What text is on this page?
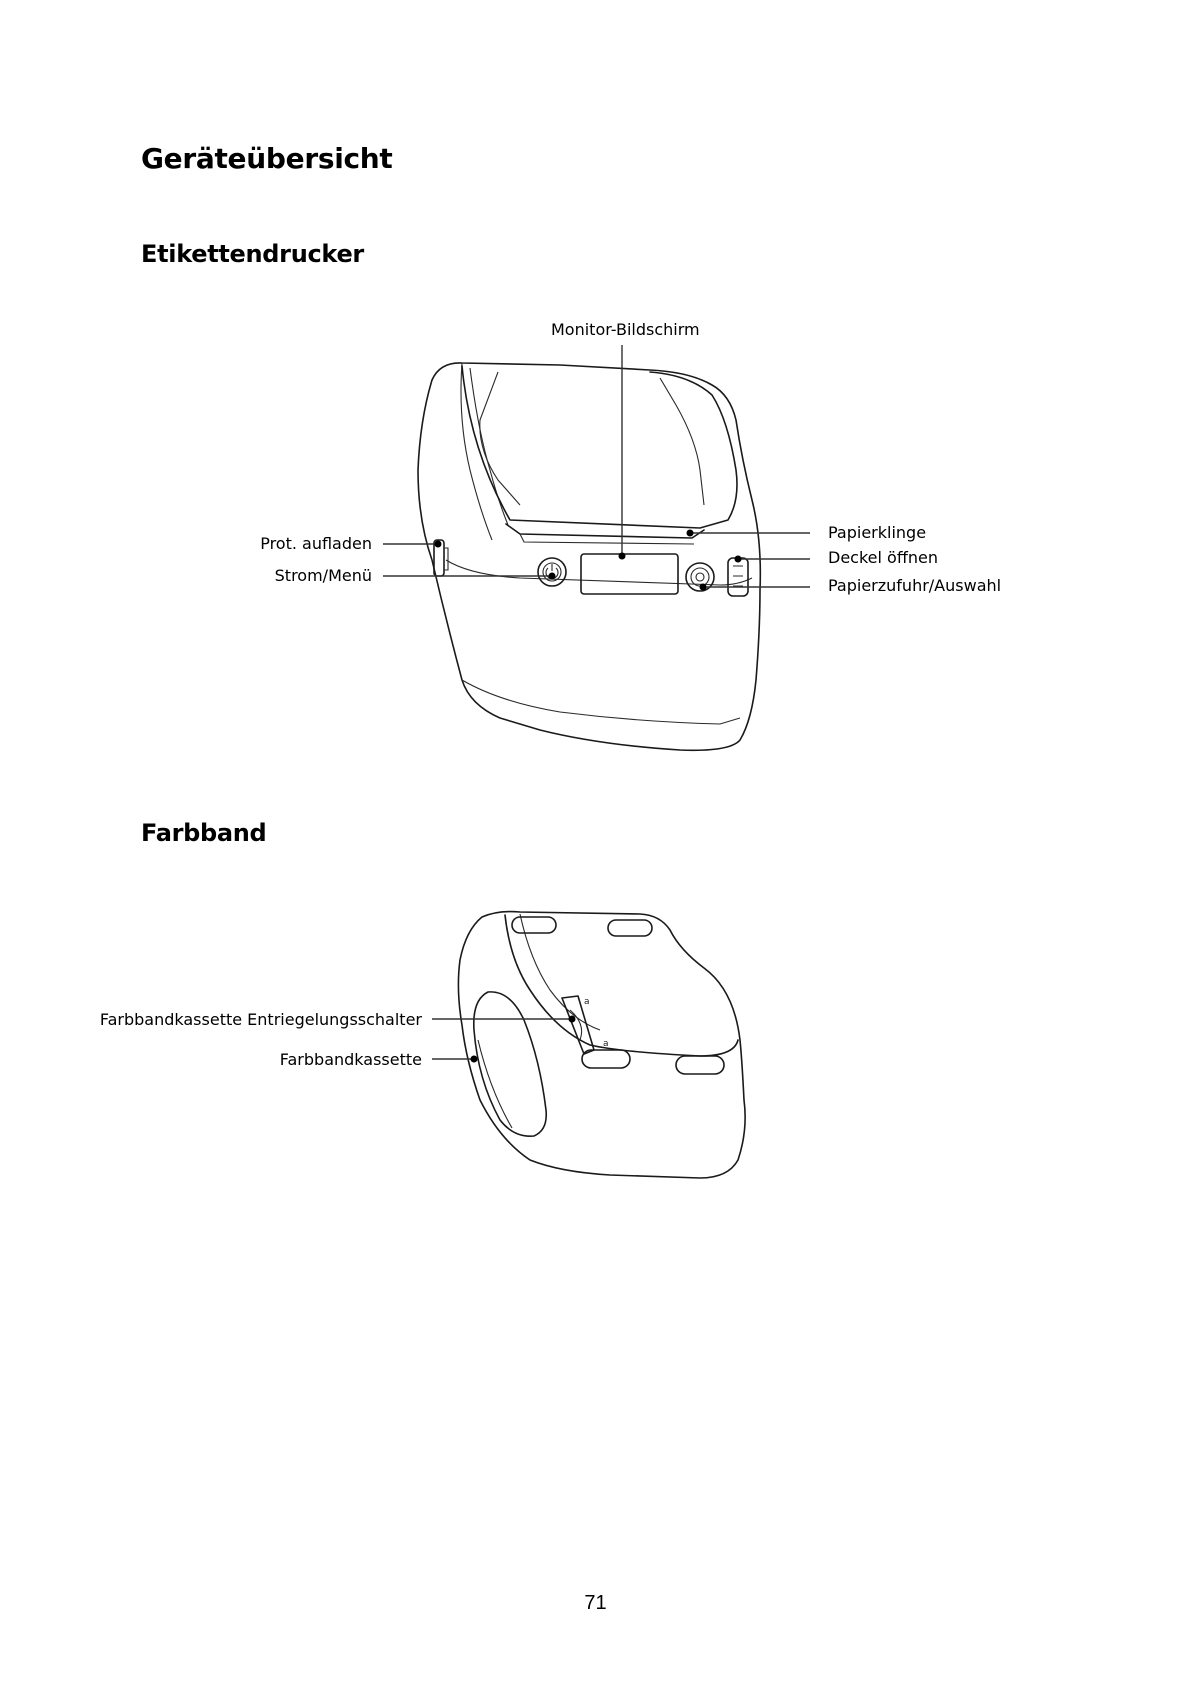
Geräteübersicht
Etikettendrucker
Monitor-Bildschirm
Prot. aufladen
Strom/Menü
Papierklinge
Deckel öffnen
Papierzufuhr/Auswahl
Farbband
Farbbandkassette Entriegelungsschalter
Farbbandkassette
a
a
71
